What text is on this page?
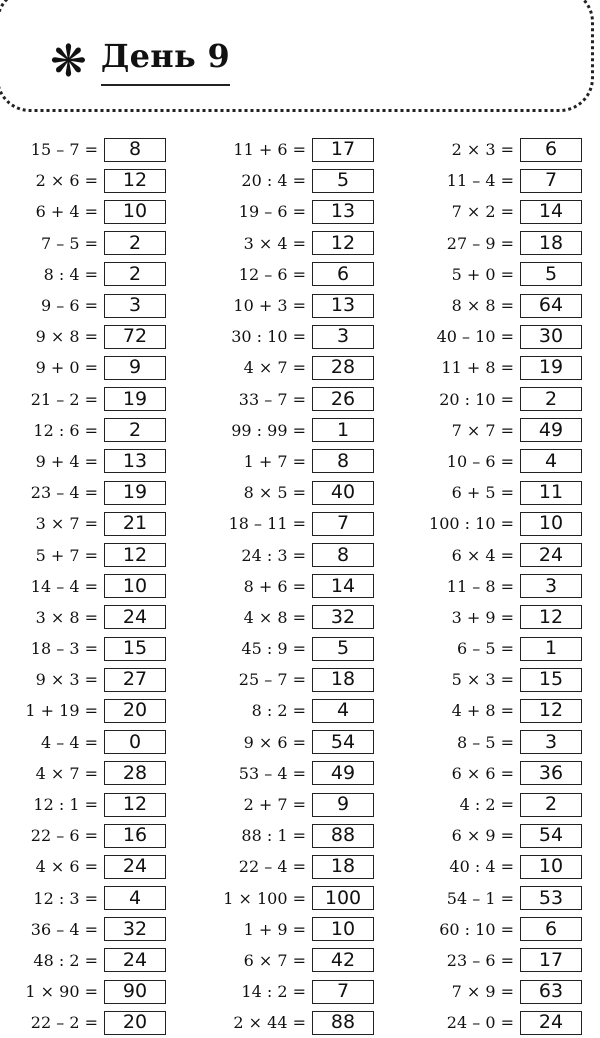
❋ День 9
15 – 7 =	8
2 × 6 =	12
6 + 4 =	10
7 – 5 =	2
8 : 4 =	2
9 – 6 =	3
9 × 8 =	72
9 + 0 =	9
21 – 2 =	19
12 : 6 =	2
9 + 4 =	13
23 – 4 =	19
3 × 7 =	21
5 + 7 =	12
14 – 4 =	10
3 × 8 =	24
18 – 3 =	15
9 × 3 =	27
1 + 19 =	20
4 – 4 =	0
4 × 7 =	28
12 : 1 =	12
22 – 6 =	16
4 × 6 =	24
12 : 3 =	4
36 – 4 =	32
48 : 2 =	24
1 × 90 =	90
22 – 2 =	20
11 + 6 =	17
20 : 4 =	5
19 – 6 =	13
3 × 4 =	12
12 – 6 =	6
10 + 3 =	13
30 : 10 =	3
4 × 7 =	28
33 – 7 =	26
99 : 99 =	1
1 + 7 =	8
8 × 5 =	40
18 – 11 =	7
24 : 3 =	8
8 + 6 =	14
4 × 8 =	32
45 : 9 =	5
25 – 7 =	18
8 : 2 =	4
9 × 6 =	54
53 – 4 =	49
2 + 7 =	9
88 : 1 =	88
22 – 4 =	18
1 × 100 = 100
1 + 9 =	10
6 × 7 =	42
14 : 2 =	7
2 × 44 =	88
2 × 3 =	6
11 – 4 =	7
7 × 2 =	14
27 – 9 =	18
5 + 0 =	5
8 × 8 =	64
40 – 10 =	30
11 + 8 =	19
20 : 10 =	2
7 × 7 =	49
10 – 6 =	4
6 + 5 =	11
100 : 10 =	10
6 × 4 =	24
11 – 8 =	3
3 + 9 =	12
6 – 5 =	1
5 × 3 =	15
4 + 8 =	12
8 – 5 =	3
6 × 6 =	36
4 : 2 =	2
6 × 9 =	54
40 : 4 =	10
54 – 1 =	53
60 : 10 =	6
23 – 6 =	17
7 × 9 =	63
24 – 0 =	24
